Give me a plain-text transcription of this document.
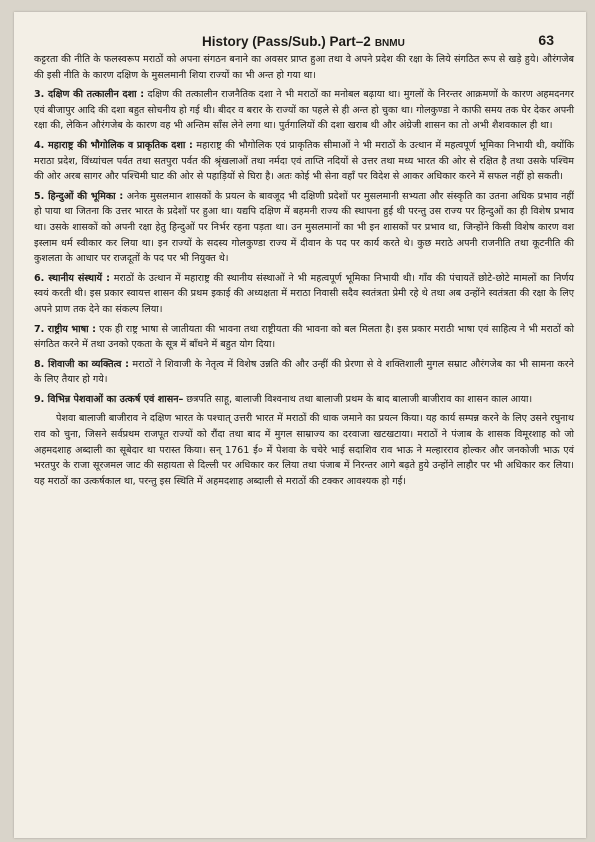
History (Pass/Sub.) Part–2 BNMU	63

कट्टरता की नीति के फलस्वरूप मराठों को अपना संगठन बनाने का अवसर प्राप्त हुआ तथा वे अपने प्रदेश की रक्षा के लिये संगठित रूप से खड़े हुये। औरंगजेब की इसी नीति के कारण दक्षिण के मुसलमानी शिया राज्यों का भी अन्त हो गया था।

3. दक्षिण की तत्कालीन दशा : दक्षिण की तत्कालीन राजनैतिक दशा ने भी मराठों का मनोबल बढ़ाया था। मुगलों के निरन्तर आक्रमणों के कारण अहमदनगर एवं बीजापुर आदि की दशा बहुत सोचनीय हो गई थी। बीदर व बरार के राज्यों का पहले से ही अन्त हो चुका था। गोलकुण्डा ने काफी समय तक घेर देकर अपनी रक्षा की, लेकिन औरंगजेब के कारण वह भी अन्तिम साँस लेने लगा था। पुर्तगालियों की दशा खराब थी और अंग्रेजी शासन का तो अभी शैशवकाल ही था।

4. महाराष्ट्र की भौगोलिक व प्राकृतिक दशा : महाराष्ट्र की भौगोलिक एवं प्राकृतिक सीमाओं ने भी मराठों के उत्थान में महत्वपूर्ण भूमिका निभायी थी, क्योंकि मराठा प्रदेश, विंध्यांचल पर्वत तथा सतपुरा पर्वत की श्रृंखलाओं तथा नर्मदा एवं ताप्ति नदियों से उत्तर तथा मध्य भारत की ओर से रक्षित है तथा उसके पश्चिम की ओर अरब सागर और पश्चिमी घाट की ओर से पहाड़ियों से घिरा है। अतः कोई भी सेना वहाँ पर विदेश से आकर अधिकार करने में सफल नहीं हो सकती।

5. हिन्दुओं की भूमिका : अनेक मुसलमान शासकों के प्रयत्न के बावजूद भी दक्षिणी प्रदेशों पर मुसलमानी सभ्यता और संस्कृति का उतना अधिक प्रभाव नहीं हो पाया था जितना कि उत्तर भारत के प्रदेशों पर हुआ था। यद्यपि दक्षिण में बहमनी राज्य की स्थापना हुई थी परन्तु उस राज्य पर हिन्दुओं का ही विशेष प्रभाव था। उसके शासकों को अपनी रक्षा हेतु हिन्दुओं पर निर्भर रहना पड़ता था। उन मुसलमानों का भी इन शासकों पर प्रभाव था, जिन्होंने किसी विशेष कारण वश इस्लाम धर्म स्वीकार कर लिया था। इन राज्यों के सदस्य गोलकुण्डा राज्य में दीवान के पद पर कार्य करते थे। कुछ मराठे अपनी राजनीति तथा कूटनीति की कुशलता के आधार पर राजदूतों के पद पर भी नियुक्त थे।

6. स्थानीय संस्थायें : मराठों के उत्थान में महाराष्ट्र की स्थानीय संस्थाओं ने भी महत्वपूर्ण भूमिका निभायी थी। गाँव की पंचायतें छोटे-छोटे मामलों का निर्णय स्वयं करती थी। इस प्रकार स्वायत्त शासन की प्रथम इकाई की अध्यक्षता में मराठा निवासी सदैव स्वतंत्रता प्रेमी रहे थे तथा अब उन्होंने स्वतंत्रता की रक्षा के लिए अपने प्राण तक देने का संकल्प लिया।

7. राष्ट्रीय भाषा : एक ही राष्ट्र भाषा से जातीयता की भावना तथा राष्ट्रीयता की भावना को बल मिलता है। इस प्रकार मराठी भाषा एवं साहित्य ने भी मराठों को संगठित करने में तथा उनको एकता के सूत्र में बाँधने में बहुत योग दिया।

8. शिवाजी का व्यक्तित्व : मराठों ने शिवाजी के नेतृत्व में विशेष उन्नति की और उन्हीं की प्रेरणा से वे शक्तिशाली मुगल सम्राट औरंगजेब का भी सामना करने के लिए तैयार हो गये।

9. विभिन्न पेशवाओं का उत्कर्ष एवं शासन– छत्रपति साहू, बालाजी विश्वनाथ तथा बालाजी प्रथम के बाद बालाजी बाजीराव का शासन काल आया।

पेशवा बालाजी बाजीराव ने दक्षिण भारत के पश्चात् उत्तरी भारत में मराठों की धाक जमाने का प्रयत्न किया। यह कार्य सम्पन्न करने के लिए उसने रघुनाथ राव को चुना, जिसने सर्वप्रथम राजपूत राज्यों को रौंदा तथा बाद में मुगल साम्राज्य का दरवाजा खटखटाया। मराठों ने पंजाब के शासक विमूरशाह को जो अहमदशाह अब्दाली का सूबेदार था परास्त किया। सन् 1761 ई० में पेशवा के चचेरे भाई सदाशिव राव भाऊ ने मल्हारराव होल्कर और जनकोजी भाऊ एवं भरतपुर के राजा सूरजमल जाट की सहायता से दिल्ली पर अधिकार कर लिया तथा पंजाब में निरन्तर आगे बढ़ते हुये उन्होंने लाहौर पर भी अधिकार कर लिया। यह मराठों का उत्कर्षकाल था, परन्तु इस स्थिति में अहमदशाह अब्दाली से मराठों की टक्कर आवश्यक हो गई।
